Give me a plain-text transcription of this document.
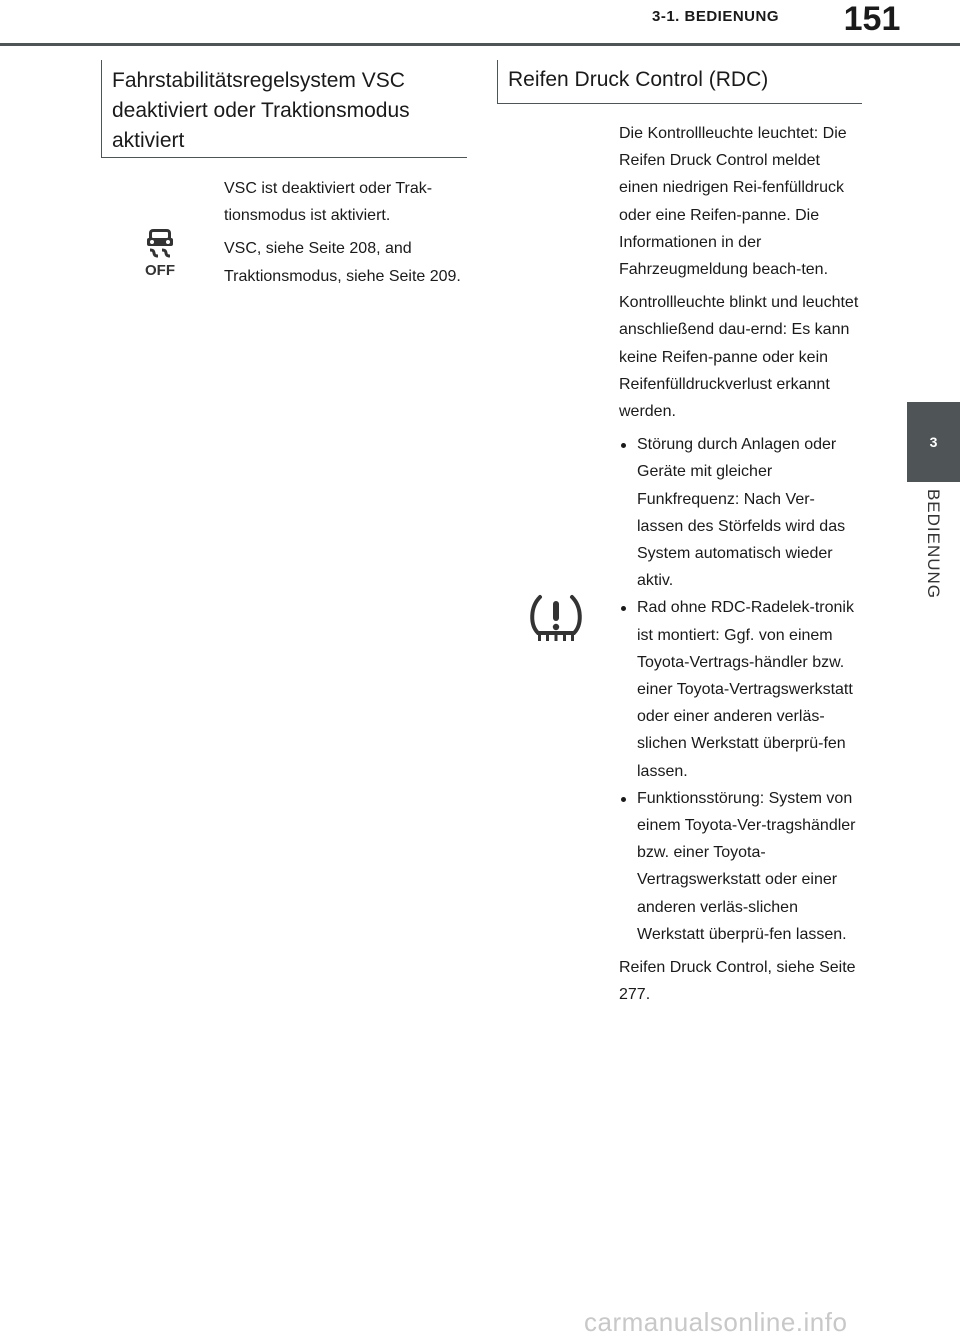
3-1. BEDIENUNG	151
3
BEDIENUNG
Fahrstabilitätsregelsystem VSC deaktiviert oder Traktionsmodus aktiviert
OFF

VSC ist deaktiviert oder Trak-tionsmodus ist aktiviert.

VSC, siehe Seite 208, and Traktionsmodus, siehe Seite 209.

Reifen Druck Control (RDC)

Die Kontrollleuchte leuchtet: Die Reifen Druck Control meldet einen niedrigen Rei-fenfülldruck oder eine Reifen-panne. Die Informationen in der Fahrzeugmeldung beach-ten.

Kontrollleuchte blinkt und leuchtet anschließend dau-ernd: Es kann keine Reifen-panne oder kein Reifenfülldruckverlust erkannt werden.

Störung durch Anlagen oder Geräte mit gleicher Funkfrequenz: Nach Ver-lassen des Störfelds wird das System automatisch wieder aktiv.
Rad ohne RDC-Radelek-tronik ist montiert: Ggf. von einem Toyota-Vertrags-händler bzw. einer Toyota-Vertragswerkstatt oder einer anderen verläs-slichen Werkstatt überprü-fen lassen.
Funktionsstörung: System von einem Toyota-Ver-tragshändler bzw. einer Toyota-Vertragswerkstatt oder einer anderen verläs-slichen Werkstatt überprü-fen lassen.

Reifen Druck Control, siehe Seite 277.

carmanualsonline.info
